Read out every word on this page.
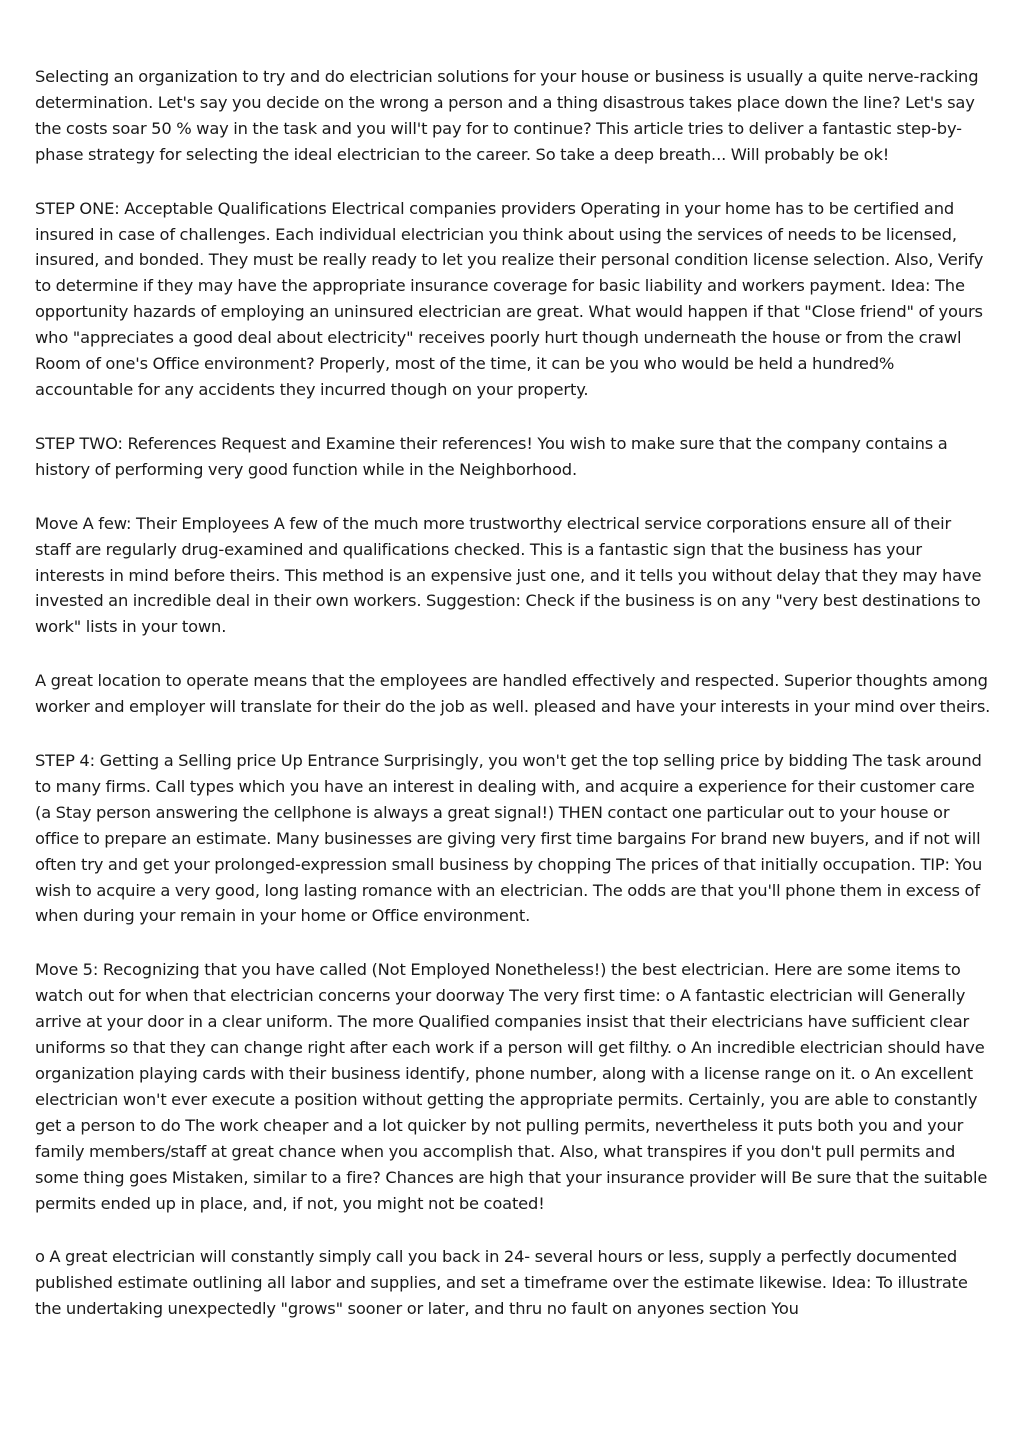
Selecting an organization to try and do electrician solutions for your house or business is usually a quite nerve-racking determination. Let's say you decide on the wrong a person and a thing disastrous takes place down the line? Let's say the costs soar 50 % way in the task and you will't pay for to continue? This article tries to deliver a fantastic step-by-phase strategy for selecting the ideal electrician to the career. So take a deep breath... Will probably be ok!

STEP ONE: Acceptable Qualifications Electrical companies providers Operating in your home has to be certified and insured in case of challenges. Each individual electrician you think about using the services of needs to be licensed, insured, and bonded. They must be really ready to let you realize their personal condition license selection. Also, Verify to determine if they may have the appropriate insurance coverage for basic liability and workers payment. Idea: The opportunity hazards of employing an uninsured electrician are great. What would happen if that "Close friend" of yours who "appreciates a good deal about electricity" receives poorly hurt though underneath the house or from the crawl Room of one's Office environment? Properly, most of the time, it can be you who would be held a hundred% accountable for any accidents they incurred though on your property.

STEP TWO: References Request and Examine their references! You wish to make sure that the company contains a history of performing very good function while in the Neighborhood.

Move A few: Their Employees A few of the much more trustworthy electrical service corporations ensure all of their staff are regularly drug-examined and qualifications checked. This is a fantastic sign that the business has your interests in mind before theirs. This method is an expensive just one, and it tells you without delay that they may have invested an incredible deal in their own workers. Suggestion: Check if the business is on any "very best destinations to work" lists in your town.

A great location to operate means that the employees are handled effectively and respected. Superior thoughts among worker and employer will translate for their do the job as well. pleased and have your interests in your mind over theirs.

STEP 4: Getting a Selling price Up Entrance Surprisingly, you won't get the top selling price by bidding The task around to many firms. Call types which you have an interest in dealing with, and acquire a experience for their customer care (a Stay person answering the cellphone is always a great signal!) THEN contact one particular out to your house or office to prepare an estimate. Many businesses are giving very first time bargains For brand new buyers, and if not will often try and get your prolonged-expression small business by chopping The prices of that initially occupation. TIP: You wish to acquire a very good, long lasting romance with an electrician. The odds are that you'll phone them in excess of when during your remain in your home or Office environment.

Move 5: Recognizing that you have called (Not Employed Nonetheless!) the best electrician. Here are some items to watch out for when that electrician concerns your doorway The very first time: o A fantastic electrician will Generally arrive at your door in a clear uniform. The more Qualified companies insist that their electricians have sufficient clear uniforms so that they can change right after each work if a person will get filthy. o An incredible electrician should have organization playing cards with their business identify, phone number, along with a license range on it. o An excellent electrician won't ever execute a position without getting the appropriate permits. Certainly, you are able to constantly get a person to do The work cheaper and a lot quicker by not pulling permits, nevertheless it puts both you and your family members/staff at great chance when you accomplish that. Also, what transpires if you don't pull permits and some thing goes Mistaken, similar to a fire? Chances are high that your insurance provider will Be sure that the suitable permits ended up in place, and, if not, you might not be coated!

o A great electrician will constantly simply call you back in 24- several hours or less, supply a perfectly documented published estimate outlining all labor and supplies, and set a timeframe over the estimate likewise. Idea: To illustrate the undertaking unexpectedly "grows" sooner or later, and thru no fault on anyones section You
